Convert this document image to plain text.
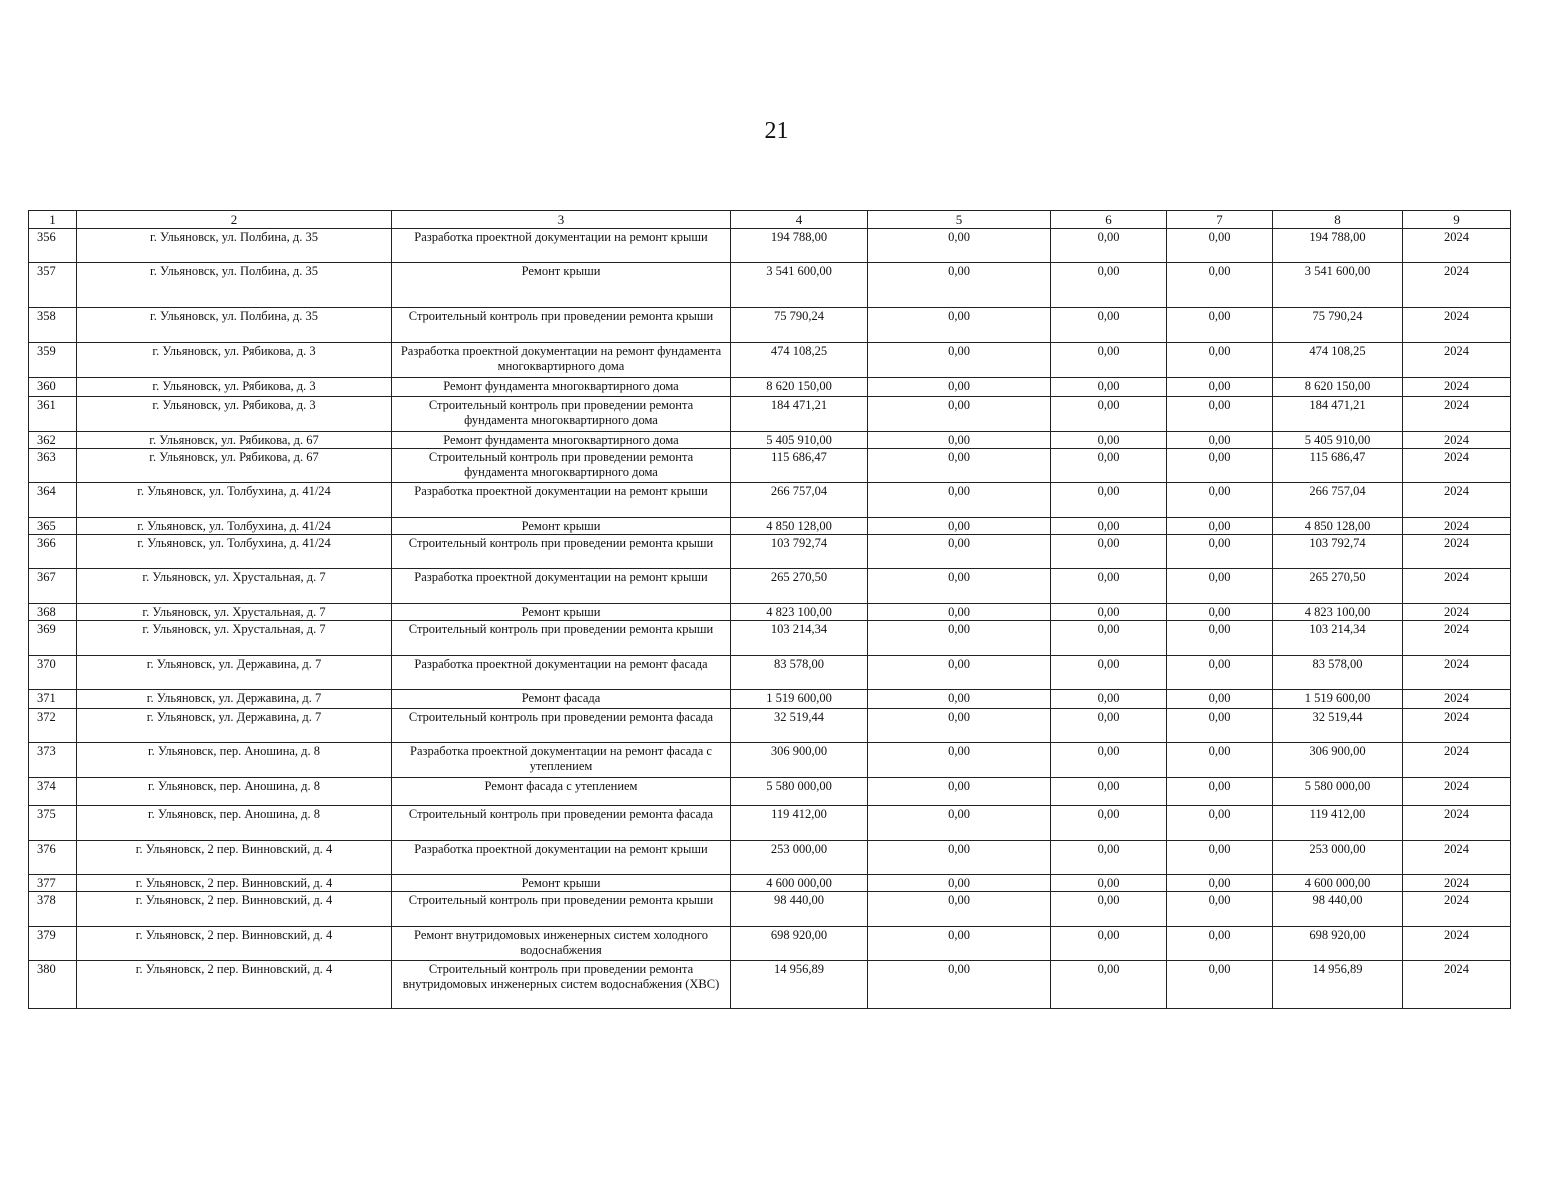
21
1	2	3	4	5	6	7	8	9
356	г. Ульяновск, ул. Полбина, д. 35	Разработка проектной документации на ремонт крыши	194 788,00	0,00	0,00	0,00	194 788,00	2024
357	г. Ульяновск, ул. Полбина, д. 35	Ремонт крыши	3 541 600,00	0,00	0,00	0,00	3 541 600,00	2024
358	г. Ульяновск, ул. Полбина, д. 35	Строительный контроль при проведении ремонта крыши	75 790,24	0,00	0,00	0,00	75 790,24	2024
359	г. Ульяновск, ул. Рябикова, д. 3	Разработка проектной документации на ремонт фундамента многоквартирного дома	474 108,25	0,00	0,00	0,00	474 108,25	2024
360	г. Ульяновск, ул. Рябикова, д. 3	Ремонт фундамента многоквартирного дома	8 620 150,00	0,00	0,00	0,00	8 620 150,00	2024
361	г. Ульяновск, ул. Рябикова, д. 3	Строительный контроль при проведении ремонта фундамента многоквартирного дома	184 471,21	0,00	0,00	0,00	184 471,21	2024
362	г. Ульяновск, ул. Рябикова, д. 67	Ремонт фундамента многоквартирного дома	5 405 910,00	0,00	0,00	0,00	5 405 910,00	2024
363	г. Ульяновск, ул. Рябикова, д. 67	Строительный контроль при проведении ремонта фундамента многоквартирного дома	115 686,47	0,00	0,00	0,00	115 686,47	2024
364	г. Ульяновск, ул. Толбухина, д. 41/24	Разработка проектной документации на ремонт крыши	266 757,04	0,00	0,00	0,00	266 757,04	2024
365	г. Ульяновск, ул. Толбухина, д. 41/24	Ремонт крыши	4 850 128,00	0,00	0,00	0,00	4 850 128,00	2024
366	г. Ульяновск, ул. Толбухина, д. 41/24	Строительный контроль при проведении ремонта крыши	103 792,74	0,00	0,00	0,00	103 792,74	2024
367	г. Ульяновск, ул. Хрустальная, д. 7	Разработка проектной документации на ремонт крыши	265 270,50	0,00	0,00	0,00	265 270,50	2024
368	г. Ульяновск, ул. Хрустальная, д. 7	Ремонт крыши	4 823 100,00	0,00	0,00	0,00	4 823 100,00	2024
369	г. Ульяновск, ул. Хрустальная, д. 7	Строительный контроль при проведении ремонта крыши	103 214,34	0,00	0,00	0,00	103 214,34	2024
370	г. Ульяновск, ул. Державина, д. 7	Разработка проектной документации на ремонт фасада	83 578,00	0,00	0,00	0,00	83 578,00	2024
371	г. Ульяновск, ул. Державина, д. 7	Ремонт фасада	1 519 600,00	0,00	0,00	0,00	1 519 600,00	2024
372	г. Ульяновск, ул. Державина, д. 7	Строительный контроль при проведении ремонта фасада	32 519,44	0,00	0,00	0,00	32 519,44	2024
373	г. Ульяновск, пер. Аношина, д. 8	Разработка проектной документации на ремонт фасада с утеплением	306 900,00	0,00	0,00	0,00	306 900,00	2024
374	г. Ульяновск, пер. Аношина, д. 8	Ремонт фасада с утеплением	5 580 000,00	0,00	0,00	0,00	5 580 000,00	2024
375	г. Ульяновск, пер. Аношина, д. 8	Строительный контроль при проведении ремонта фасада	119 412,00	0,00	0,00	0,00	119 412,00	2024
376	г. Ульяновск, 2 пер. Винновский, д. 4	Разработка проектной документации на ремонт крыши	253 000,00	0,00	0,00	0,00	253 000,00	2024
377	г. Ульяновск, 2 пер. Винновский, д. 4	Ремонт крыши	4 600 000,00	0,00	0,00	0,00	4 600 000,00	2024
378	г. Ульяновск, 2 пер. Винновский, д. 4	Строительный контроль при проведении ремонта крыши	98 440,00	0,00	0,00	0,00	98 440,00	2024
379	г. Ульяновск, 2 пер. Винновский, д. 4	Ремонт внутридомовых инженерных систем холодного водоснабжения	698 920,00	0,00	0,00	0,00	698 920,00	2024
380	г. Ульяновск, 2 пер. Винновский, д. 4	Строительный контроль при проведении ремонта внутридомовых инженерных систем водоснабжения (ХВС)	14 956,89	0,00	0,00	0,00	14 956,89	2024
